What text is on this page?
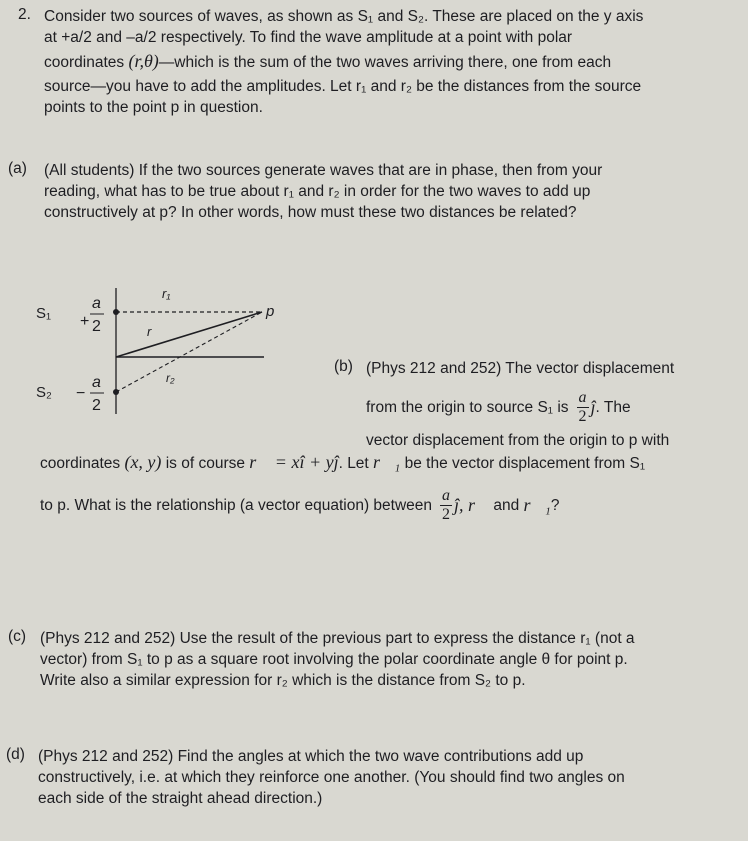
2. Consider two sources of waves, as shown as S₁ and S₂. These are placed on the y axis
at +a/2 and –a/2 respectively. To find the wave amplitude at a point with polar
coordinates (r,θ)—which is the sum of the two waves arriving there, one from each
source—you have to add the amplitudes. Let r₁ and r₂ be the distances from the source
points to the point p in question.
(a) (All students) If the two sources generate waves that are in phase, then from your
reading, what has to be true about r₁ and r₂ in order for the two waves to add up
constructively at p? In other words, how must these two distances be related?
S₁
S₂
+
a
2
−
a
2
r₁
r
r₂
p
(b) (Phys 212 and 252) The vector displacement
from the origin to source S₁ is $\frac{a}{2}$ ĵ . The
vector displacement from the origin to p with
coordinates (x, y) is of course r⃗ = xî + yĵ. Let r⃗₁ be the vector displacement from S₁
to p. What is the relationship (a vector equation) between $\frac{a}{2}$ ĵ , r⃗ and r⃗₁ ?
(c) (Phys 212 and 252) Use the result of the previous part to express the distance r₁ (not a
vector) from S₁ to p as a square root involving the polar coordinate angle θ for point p.
Write also a similar expression for r₂ which is the distance from S₂ to p.
(d) (Phys 212 and 252) Find the angles at which the two wave contributions add up
constructively, i.e. at which they reinforce one another. (You should find two angles on
each side of the straight ahead direction.)
